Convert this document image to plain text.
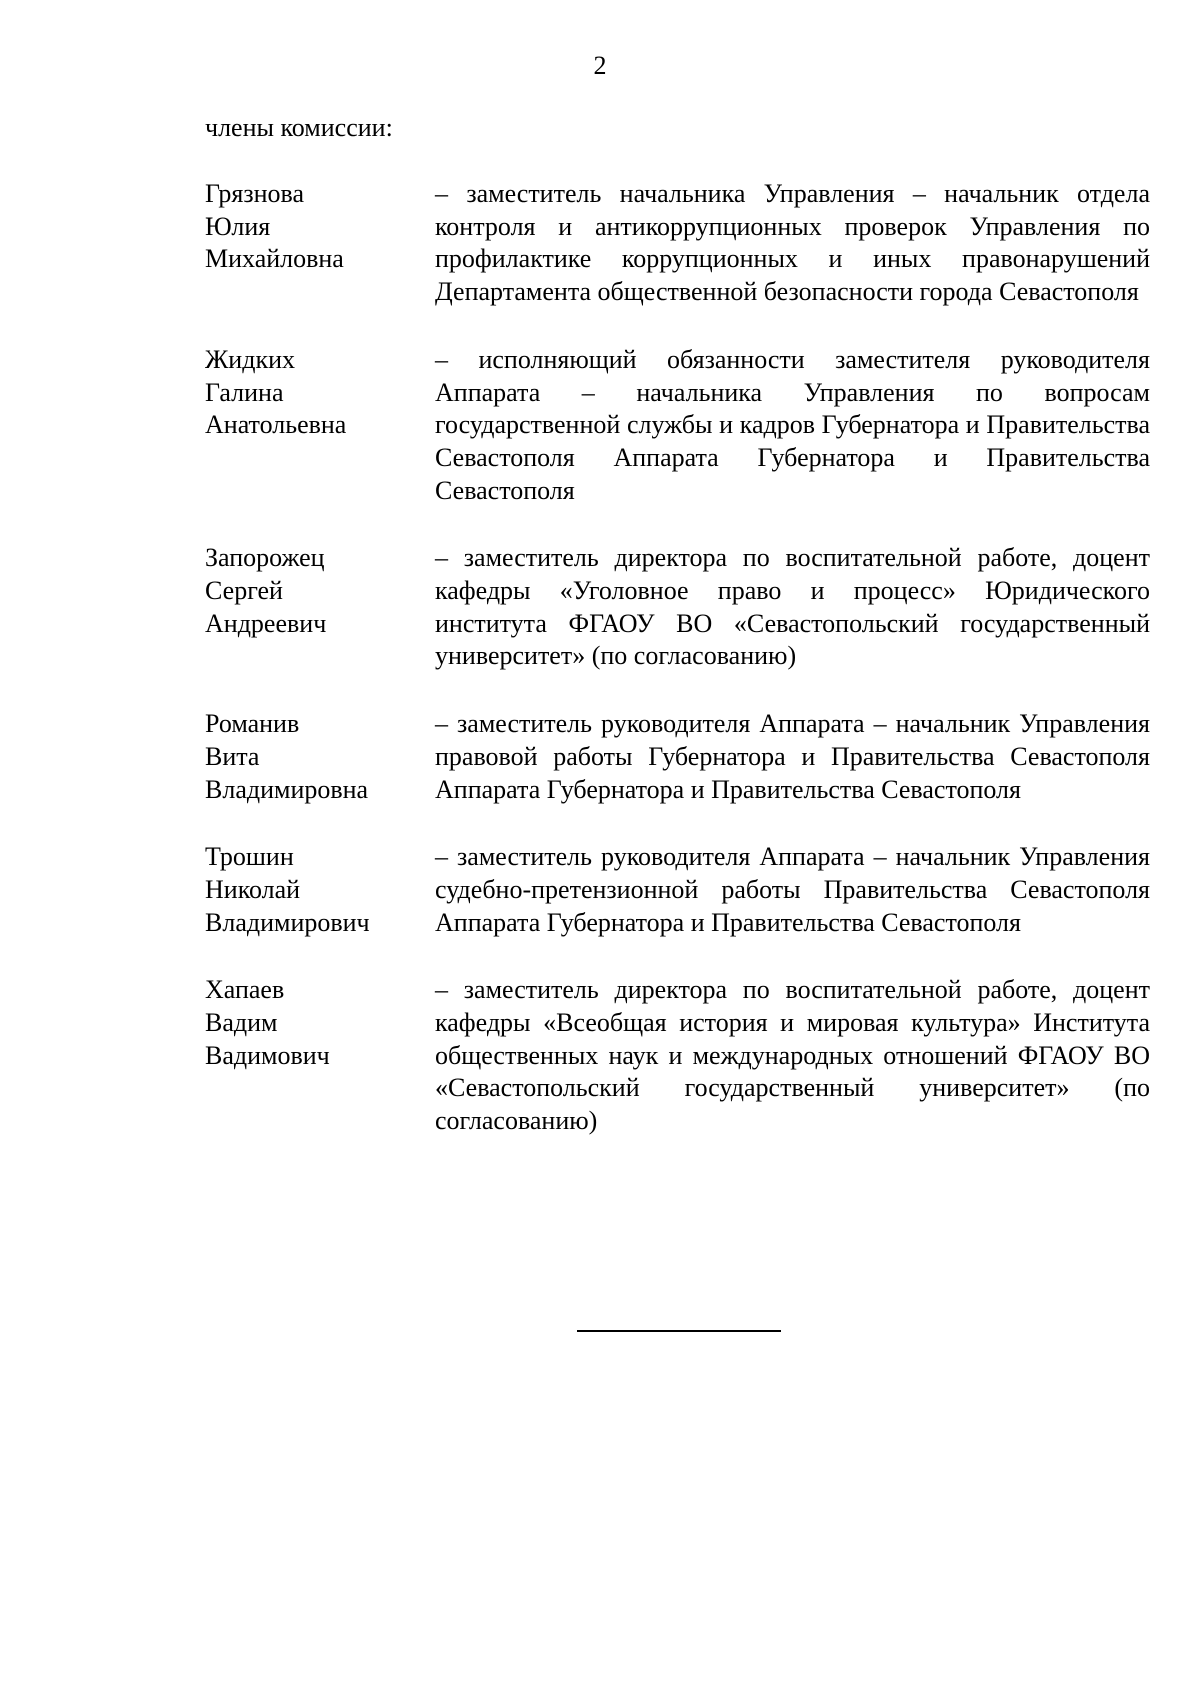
2
члены комиссии:
Грязнова
Юлия
Михайловна
– заместитель начальника Управления – начальник отдела контроля и антикоррупционных проверок Управления по профилактике коррупционных и иных правонарушений Департамента общественной безопасности города Севастополя
Жидких
Галина
Анатольевна
– исполняющий обязанности заместителя руководителя Аппарата – начальника Управления по вопросам государственной службы и кадров Губернатора и Правительства Севастополя Аппарата Губернатора и Правительства Севастополя
Запорожец
Сергей
Андреевич
– заместитель директора по воспитательной работе, доцент кафедры «Уголовное право и процесс» Юридического института ФГАОУ ВО «Севастопольский государственный университет» (по согласованию)
Романив
Вита
Владимировна
– заместитель руководителя Аппарата – начальник Управления правовой работы Губернатора и Правительства Севастополя Аппарата Губернатора и Правительства Севастополя
Трошин
Николай
Владимирович
– заместитель руководителя Аппарата – начальник Управления судебно-претензионной работы Правительства Севастополя Аппарата Губернатора и Правительства Севастополя
Хапаев
Вадим
Вадимович
– заместитель директора по воспитательной работе, доцент кафедры «Всеобщая история и мировая культура» Института общественных наук и международных отношений ФГАОУ ВО «Севастопольский государственный университет» (по согласованию)
